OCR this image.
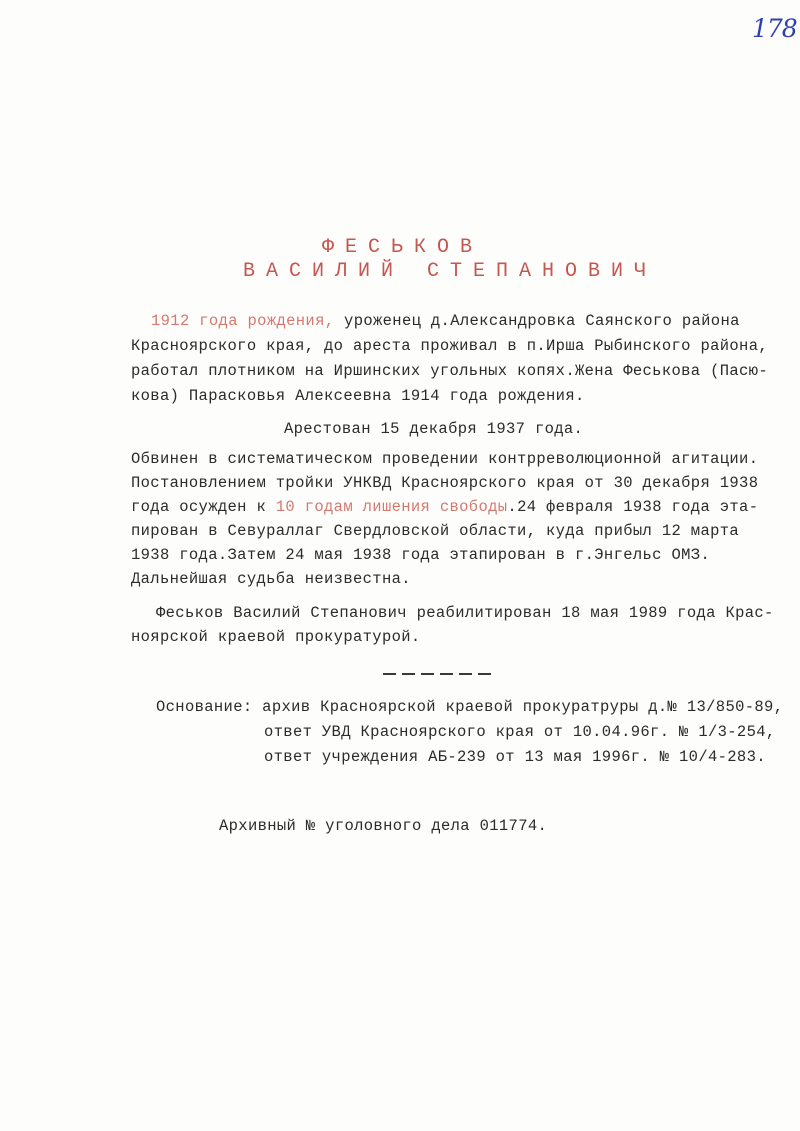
178
ФЕСЬКОВ
ВАСИЛИЙ СТЕПАНОВИЧ
1912 года рождения, уроженец д.Александровка Саянского района
Красноярского края, до ареста проживал в п.Ирша Рыбинского района,
работал плотником на Иршинских угольных копях.Жена Феськова (Пасю-
кова) Парасковья Алексеевна 1914 года рождения.
Арестован 15 декабря 1937 года.
Обвинен в систематическом проведении контрреволюционной агитации.
Постановлением тройки УНКВД Красноярского края от 30 декабря 1938
года осужден к 10 годам лишения свободы.24 февраля 1938 года эта-
пирован в Севураллаг Свердловской области, куда прибыл 12 марта
1938 года.Затем 24 мая 1938 года этапирован в г.Энгельс ОМЗ.
Дальнейшая судьба неизвестна.
Феськов Василий Степанович реабилитирован 18 мая 1989 года Крас-
ноярской краевой прокуратурой.
Основание: архив Красноярской краевой прокуратруры д.№ 13/850-89,
ответ УВД Красноярского края от 10.04.96г. № 1/3-254,
ответ учреждения АБ-239 от 13 мая 1996г. № 10/4-283.
Архивный № уголовного дела 011774.
